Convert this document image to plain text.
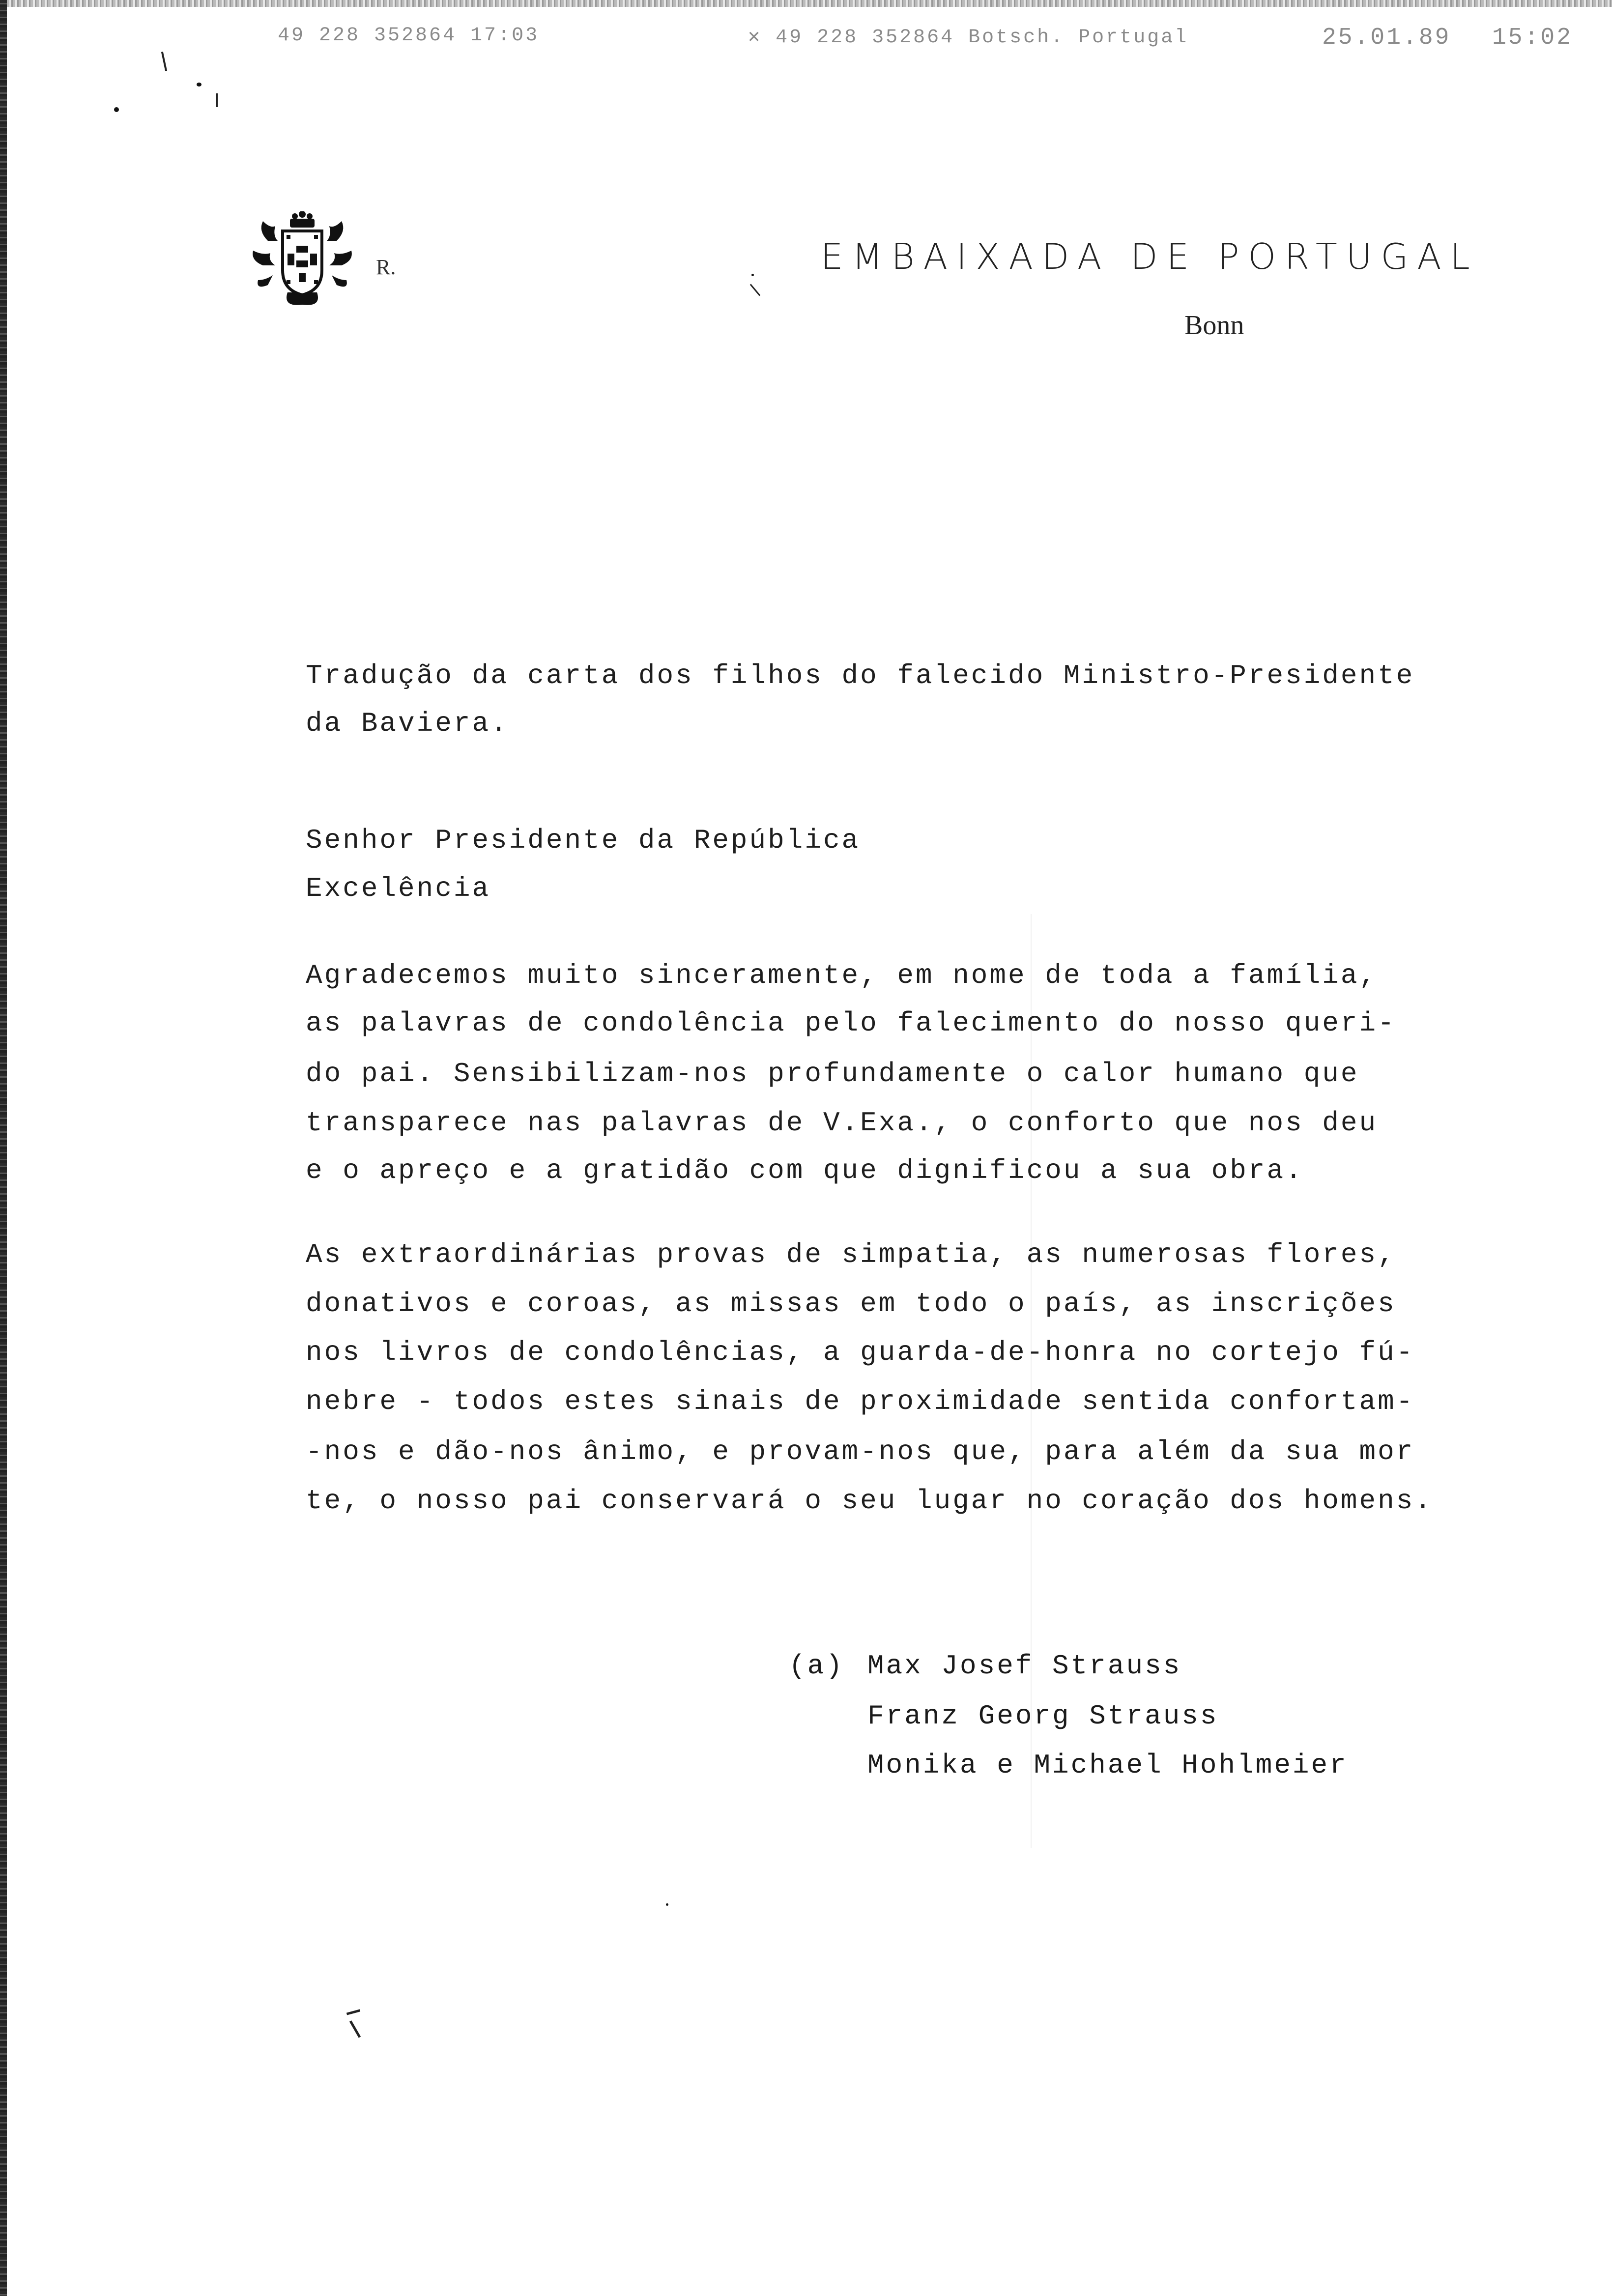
49 228 352864 17:03	✕ 49 228 352864 Botsch. Portugal	25.01.89 15:02
R.	EMBAIXADA DE PORTUGAL
Bonn
Tradução da carta dos filhos do falecido Ministro-Presidente
da Baviera.
Senhor Presidente da República
Excelência
Agradecemos muito sinceramente, em nome de toda a família,
as palavras de condolência pelo falecimento do nosso queri-
do pai. Sensibilizam-nos profundamente o calor humano que
transparece nas palavras de V.Exa., o conforto que nos deu
e o apreço e a gratidão com que dignificou a sua obra.
As extraordinárias provas de simpatia, as numerosas flores,
donativos e coroas, as missas em todo o país, as inscrições
nos livros de condolências, a guarda-de-honra no cortejo fú-
nebre - todos estes sinais de proximidade sentida confortam-
-nos e dão-nos ânimo, e provam-nos que, para além da sua mor
te, o nosso pai conservará o seu lugar no coração dos homens.
(a) Max Josef Strauss
Franz Georg Strauss
Monika e Michael Hohlmeier
